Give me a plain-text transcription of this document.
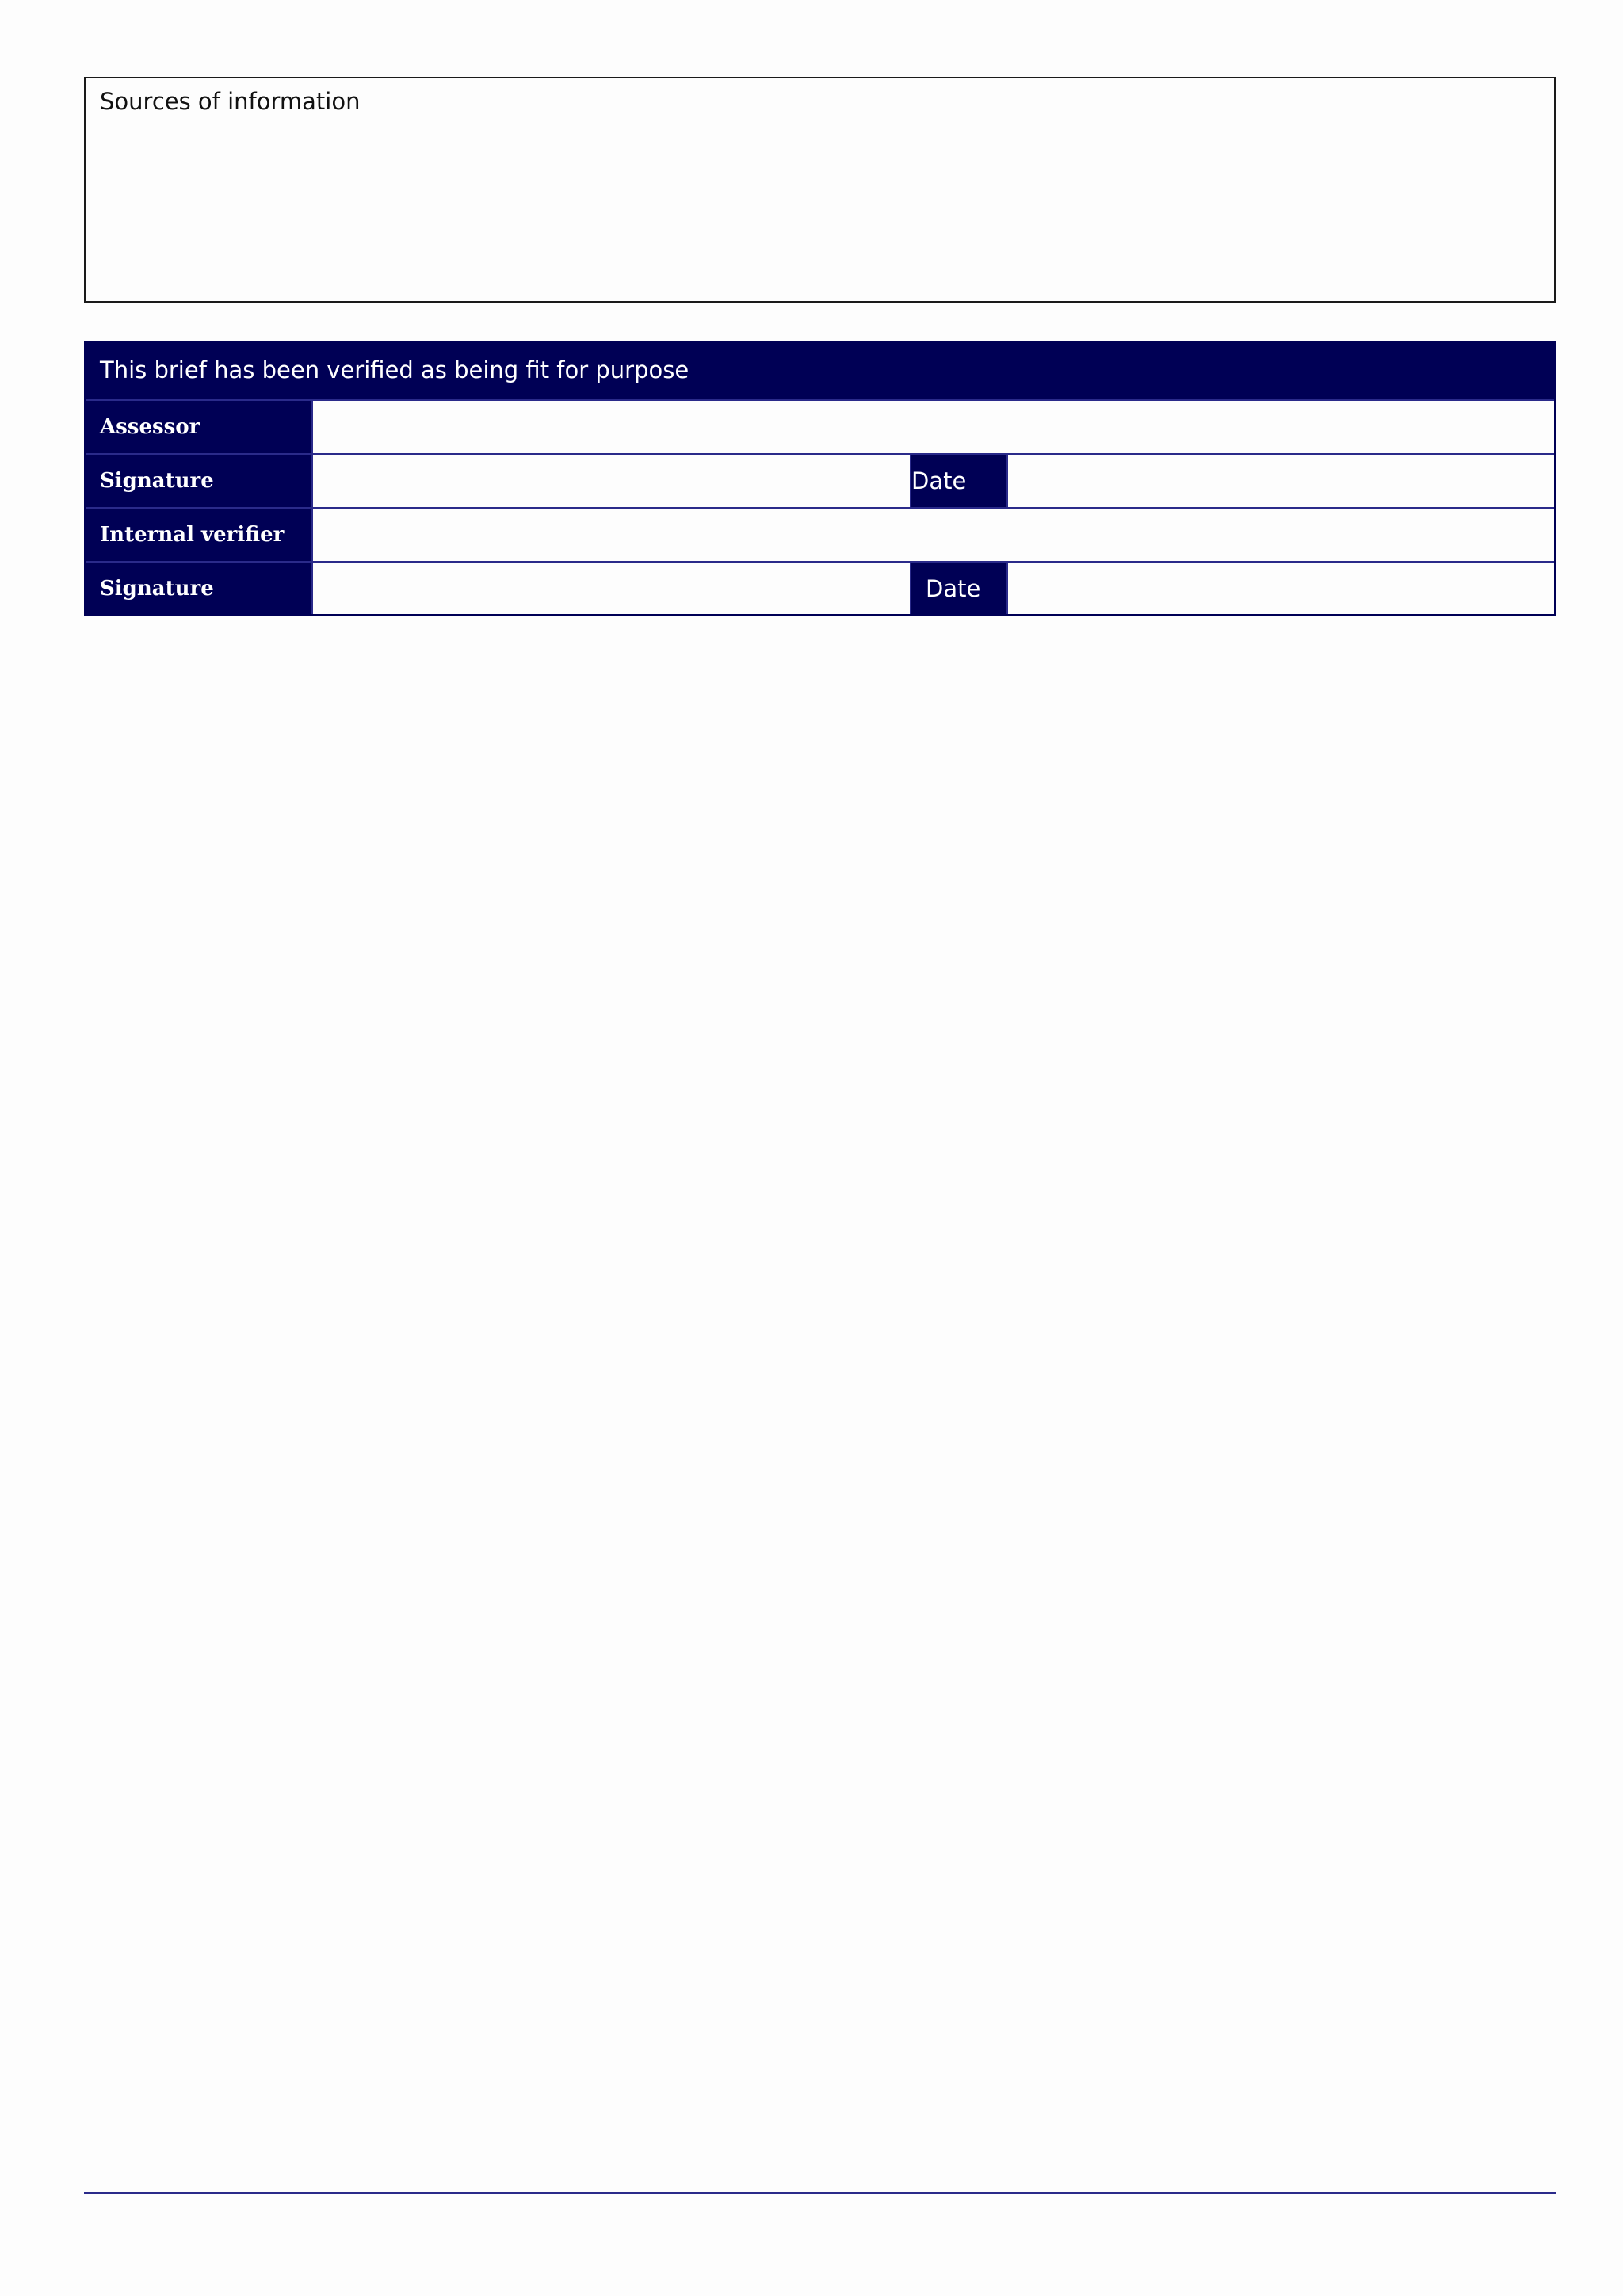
Sources of information
This brief has been verified as being fit for purpose
Assessor
Signature	Date
Internal verifier
Signature	Date
